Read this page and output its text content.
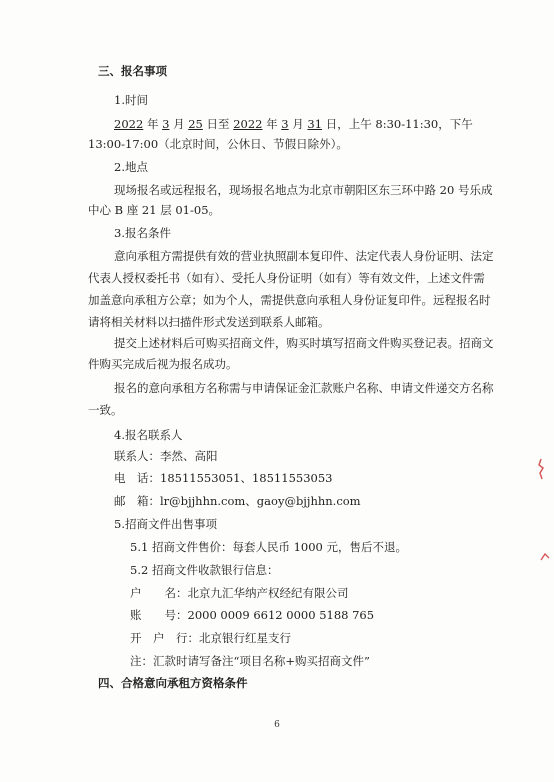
三、报名事项
1.时间
2022 年 3 月 25 日至 2022 年 3 月 31 日，上午 8:30-11:30，下午
13:00-17:00（北京时间，公休日、节假日除外）。
2.地点
现场报名或远程报名，现场报名地点为北京市朝阳区东三环中路 20 号乐成
中心 B 座 21 层 01-05。
3.报名条件
意向承租方需提供有效的营业执照副本复印件、法定代表人身份证明、法定
代表人授权委托书（如有）、受托人身份证明（如有）等有效文件，上述文件需
加盖意向承租方公章；如为个人，需提供意向承租人身份证复印件。远程报名时
请将相关材料以扫描件形式发送到联系人邮箱。
提交上述材料后可购买招商文件，购买时填写招商文件购买登记表。招商文
件购买完成后视为报名成功。
报名的意向承租方名称需与申请保证金汇款账户名称、申请文件递交方名称
一致。
4.报名联系人
联系人：李然、高阳
电　话：18511553051、18511553053
邮　箱：lr@bjjhhn.com、gaoy@bjjhhn.com
5.招商文件出售事项
5.1 招商文件售价：每套人民币 1000 元，售后不退。
5.2 招商文件收款银行信息：
户　　名：北京九汇华纳产权经纪有限公司
账　　号：2000 0009 6612 0000 5188 765
开　户　行：北京银行红星支行
注：汇款时请写备注“项目名称+购买招商文件”
四、合格意向承租方资格条件
6
